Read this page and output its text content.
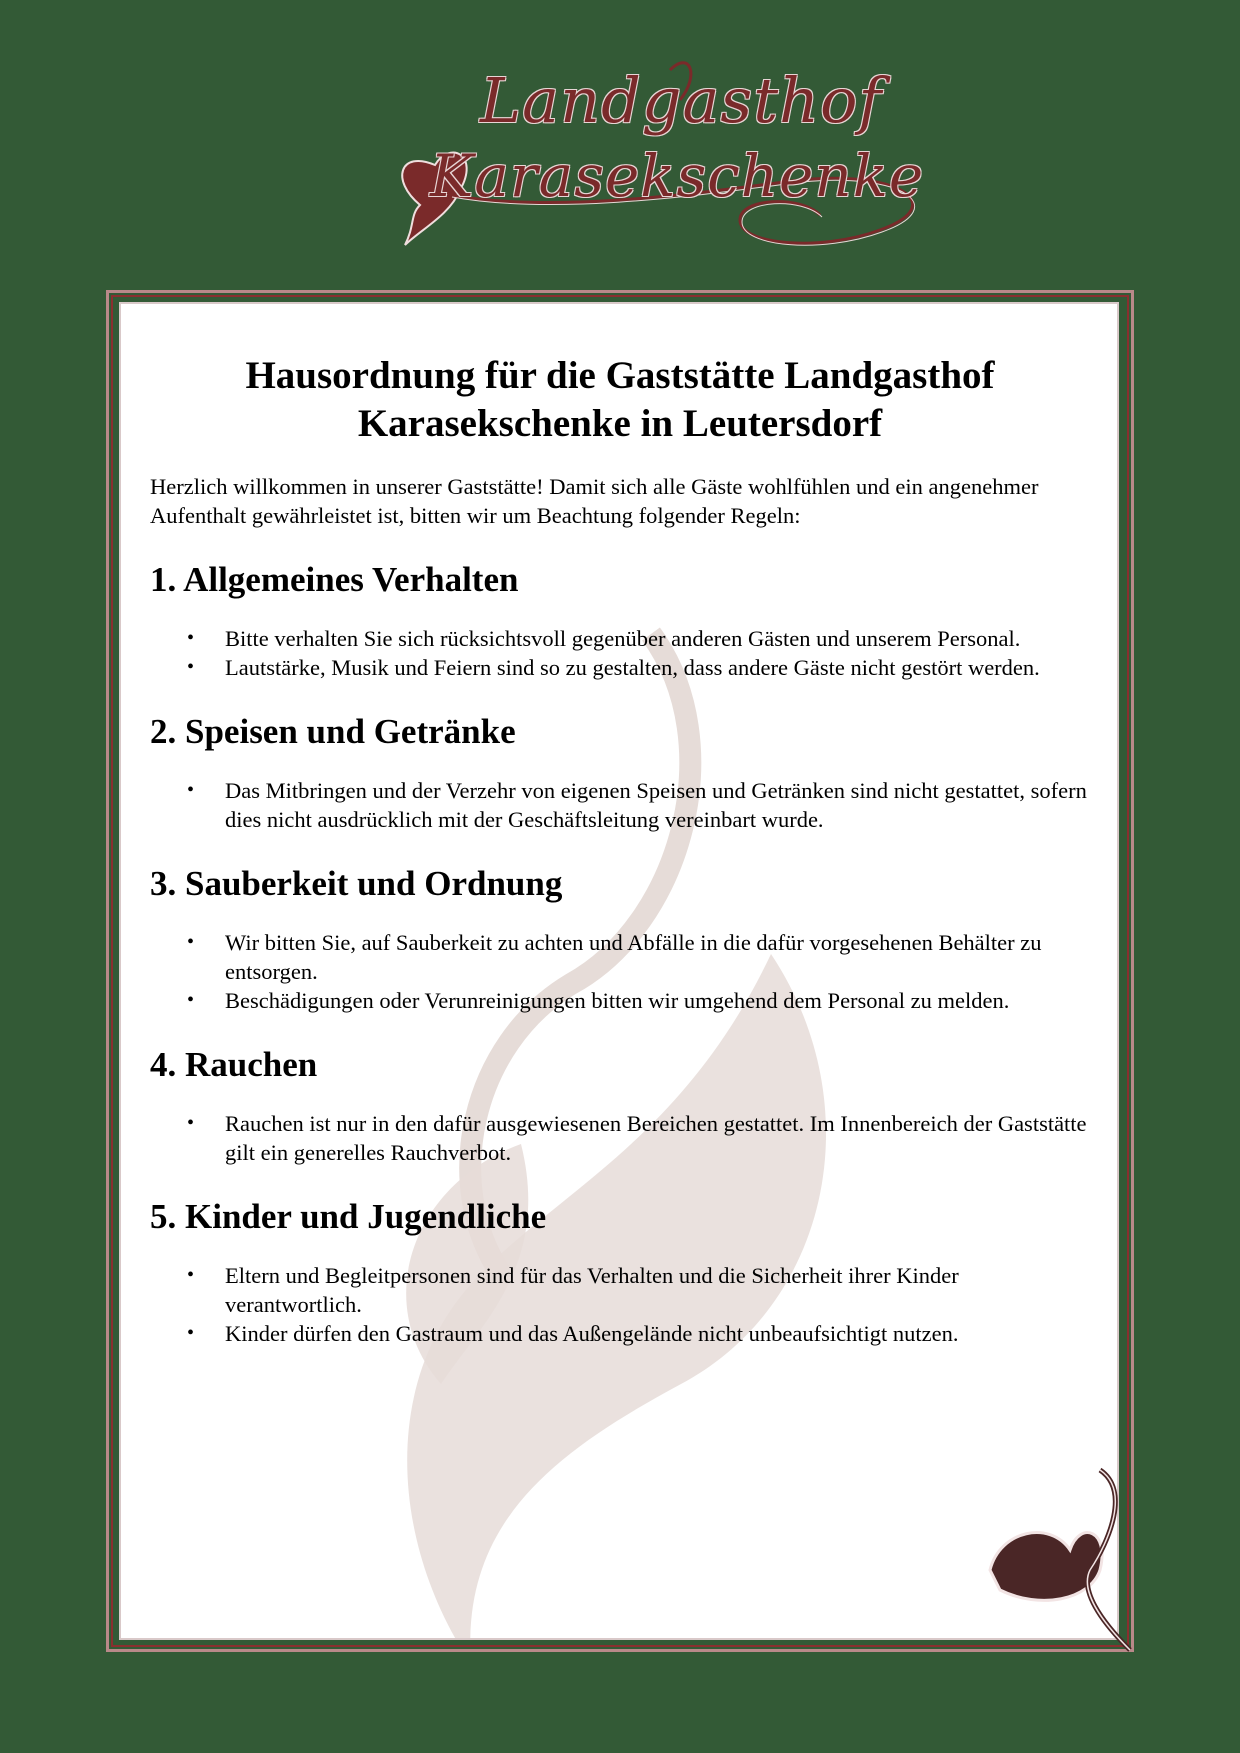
Landgasthof
Karasekschenke
Hausordnung für die Gaststätte Landgasthof Karasekschenke in Leutersdorf

Herzlich willkommen in unserer Gaststätte! Damit sich alle Gäste wohlfühlen und ein angenehmer Aufenthalt gewährleistet ist, bitten wir um Beachtung folgender Regeln:

1. Allgemeines Verhalten
• Bitte verhalten Sie sich rücksichtsvoll gegenüber anderen Gästen und unserem Personal.
• Lautstärke, Musik und Feiern sind so zu gestalten, dass andere Gäste nicht gestört werden.
2. Speisen und Getränke
• Das Mitbringen und der Verzehr von eigenen Speisen und Getränken sind nicht gestattet, sofern dies nicht ausdrücklich mit der Geschäftsleitung vereinbart wurde.
3. Sauberkeit und Ordnung
• Wir bitten Sie, auf Sauberkeit zu achten und Abfälle in die dafür vorgesehenen Behälter zu entsorgen.
• Beschädigungen oder Verunreinigungen bitten wir umgehend dem Personal zu melden.
4. Rauchen
• Rauchen ist nur in den dafür ausgewiesenen Bereichen gestattet. Im Innenbereich der Gaststätte gilt ein generelles Rauchverbot.
5. Kinder und Jugendliche
• Eltern und Begleitpersonen sind für das Verhalten und die Sicherheit ihrer Kinder verantwortlich.
• Kinder dürfen den Gastraum und das Außengelände nicht unbeaufsichtigt nutzen.
